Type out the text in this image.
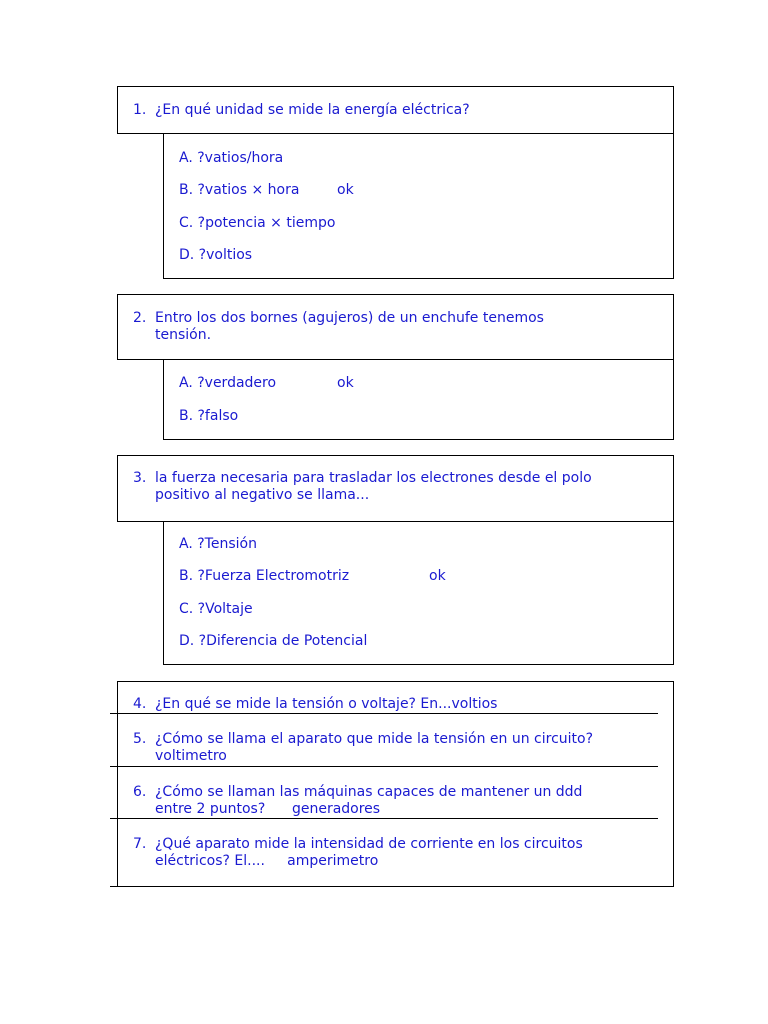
1. ¿En qué unidad se mide la energía eléctrica?
A. ?vatios/hora
B. ?vatios × hora	ok
C. ?potencia × tiempo
D. ?voltios
2. Entro los dos bornes (agujeros) de un enchufe tenemos
tensión.
A. ?verdadero	ok
B. ?falso
3. la fuerza necesaria para trasladar los electrones desde el polo
positivo al negativo se llama...
A. ?Tensión
B. ?Fuerza Electromotriz	ok
C. ?Voltaje
D. ?Diferencia de Potencial
4. ¿En qué se mide la tensión o voltaje? En...voltios
5. ¿Cómo se llama el aparato que mide la tensión en un circuito?
voltimetro
6. ¿Cómo se llaman las máquinas capaces de mantener un ddd
entre 2 puntos?      generadores
7. ¿Qué aparato mide la intensidad de corriente en los circuitos
eléctricos? El....     amperimetro
